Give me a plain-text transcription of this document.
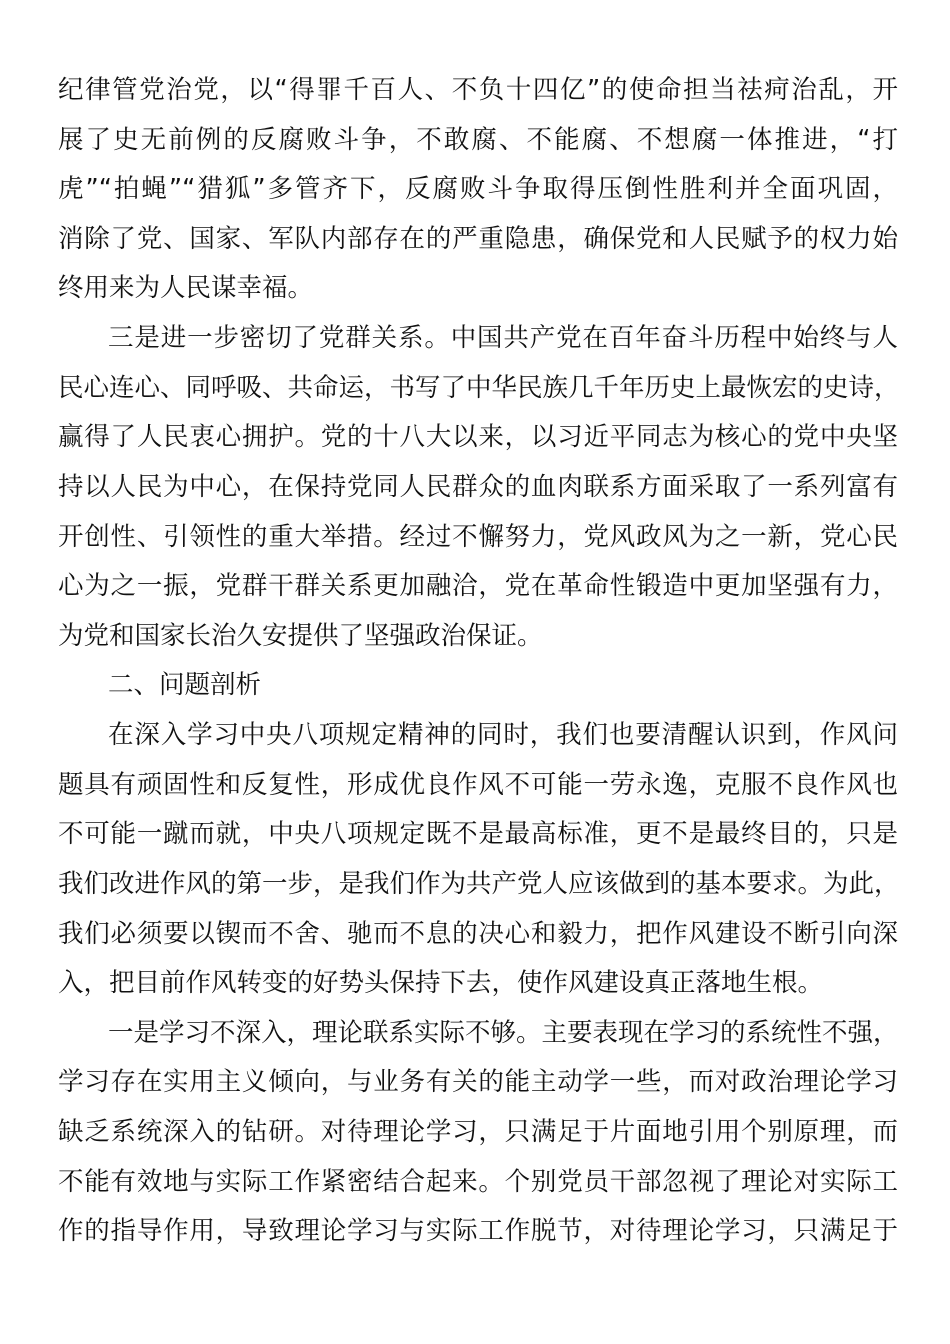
纪律管党治党，以“得罪千百人、不负十四亿”的使命担当祛疴治乱，开
展了史无前例的反腐败斗争，不敢腐、不能腐、不想腐一体推进，“打
虎”“拍蝇”“猎狐”多管齐下，反腐败斗争取得压倒性胜利并全面巩固，
消除了党、国家、军队内部存在的严重隐患，确保党和人民赋予的权力始
终用来为人民谋幸福。
三是进一步密切了党群关系。中国共产党在百年奋斗历程中始终与人
民心连心、同呼吸、共命运，书写了中华民族几千年历史上最恢宏的史诗，
赢得了人民衷心拥护。党的十八大以来，以习近平同志为核心的党中央坚
持以人民为中心，在保持党同人民群众的血肉联系方面采取了一系列富有
开创性、引领性的重大举措。经过不懈努力，党风政风为之一新，党心民
心为之一振，党群干群关系更加融洽，党在革命性锻造中更加坚强有力，
为党和国家长治久安提供了坚强政治保证。
二、问题剖析
在深入学习中央八项规定精神的同时，我们也要清醒认识到，作风问
题具有顽固性和反复性，形成优良作风不可能一劳永逸，克服不良作风也
不可能一蹴而就，中央八项规定既不是最高标准，更不是最终目的，只是
我们改进作风的第一步，是我们作为共产党人应该做到的基本要求。为此，
我们必须要以锲而不舍、驰而不息的决心和毅力，把作风建设不断引向深
入，把目前作风转变的好势头保持下去，使作风建设真正落地生根。
一是学习不深入，理论联系实际不够。主要表现在学习的系统性不强，
学习存在实用主义倾向，与业务有关的能主动学一些，而对政治理论学习
缺乏系统深入的钻研。对待理论学习，只满足于片面地引用个别原理，而
不能有效地与实际工作紧密结合起来。个别党员干部忽视了理论对实际工
作的指导作用，导致理论学习与实际工作脱节，对待理论学习，只满足于
